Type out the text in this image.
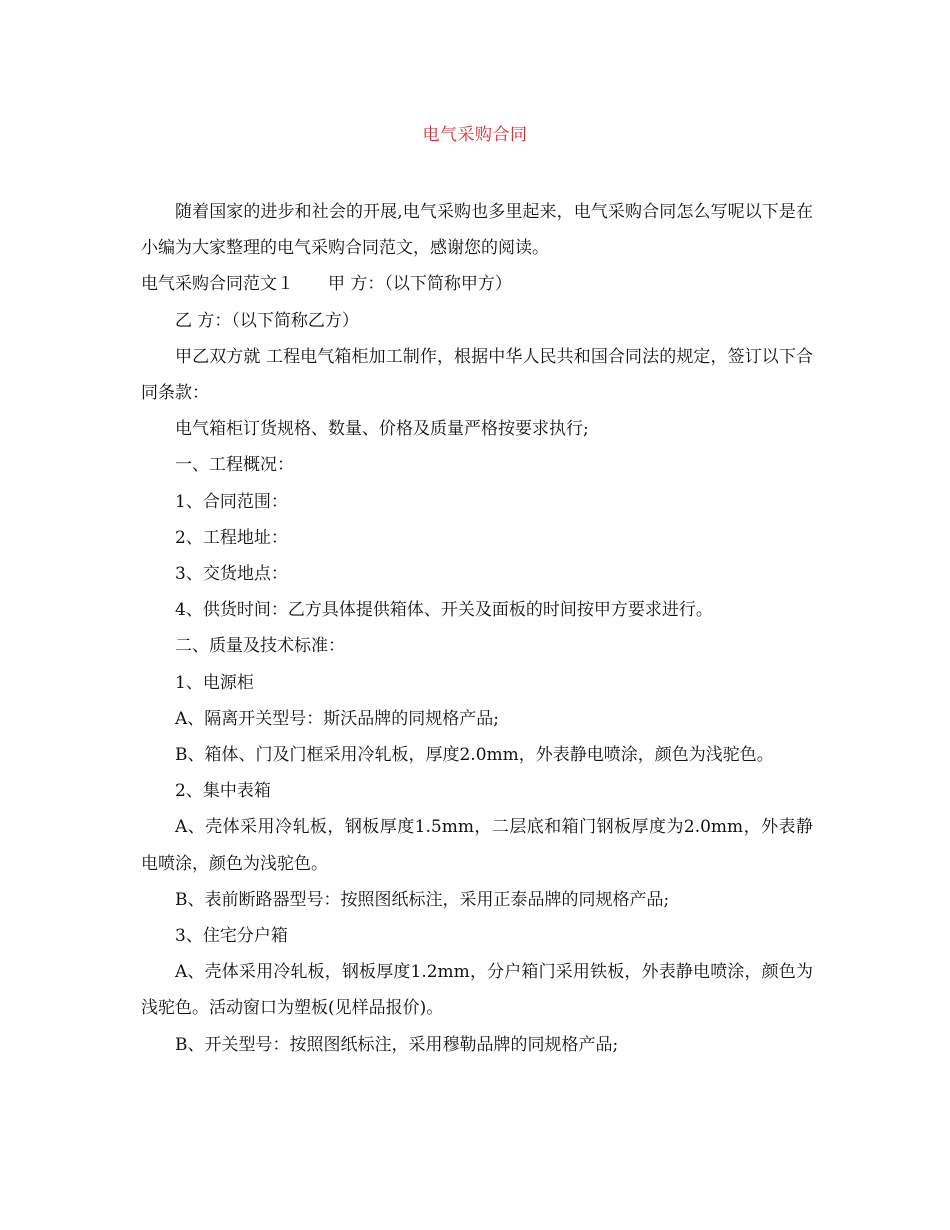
电气采购合同

随着国家的进步和社会的开展,电气采购也多里起来，电气采购合同怎么写呢以下是在小编为大家整理的电气采购合同范文，感谢您的阅读。

电气采购合同范文１ 甲 方：（以下简称甲方）

乙 方：（以下简称乙方）

甲乙双方就 工程电气箱柜加工制作，根据中华人民共和国合同法的规定，签订以下合同条款：

电气箱柜订货规格、数量、价格及质量严格按要求执行;

一、工程概况：

1、合同范围：

2、工程地址：

3、交货地点：

4、供货时间：乙方具体提供箱体、开关及面板的时间按甲方要求进行。

二、质量及技术标准：

1、电源柜

A、隔离开关型号：斯沃品牌的同规格产品;

B、箱体、门及门框采用冷轧板，厚度2.0mm，外表静电喷涂，颜色为浅驼色。

2、集中表箱

A、壳体采用冷轧板，钢板厚度1.5mm，二层底和箱门钢板厚度为2.0mm，外表静电喷涂，颜色为浅驼色。

B、表前断路器型号：按照图纸标注，采用正泰品牌的同规格产品;

3、住宅分户箱

A、壳体采用冷轧板，钢板厚度1.2mm，分户箱门采用铁板，外表静电喷涂，颜色为浅驼色。活动窗口为塑板(见样品报价)。

B、开关型号：按照图纸标注，采用穆勒品牌的同规格产品;
